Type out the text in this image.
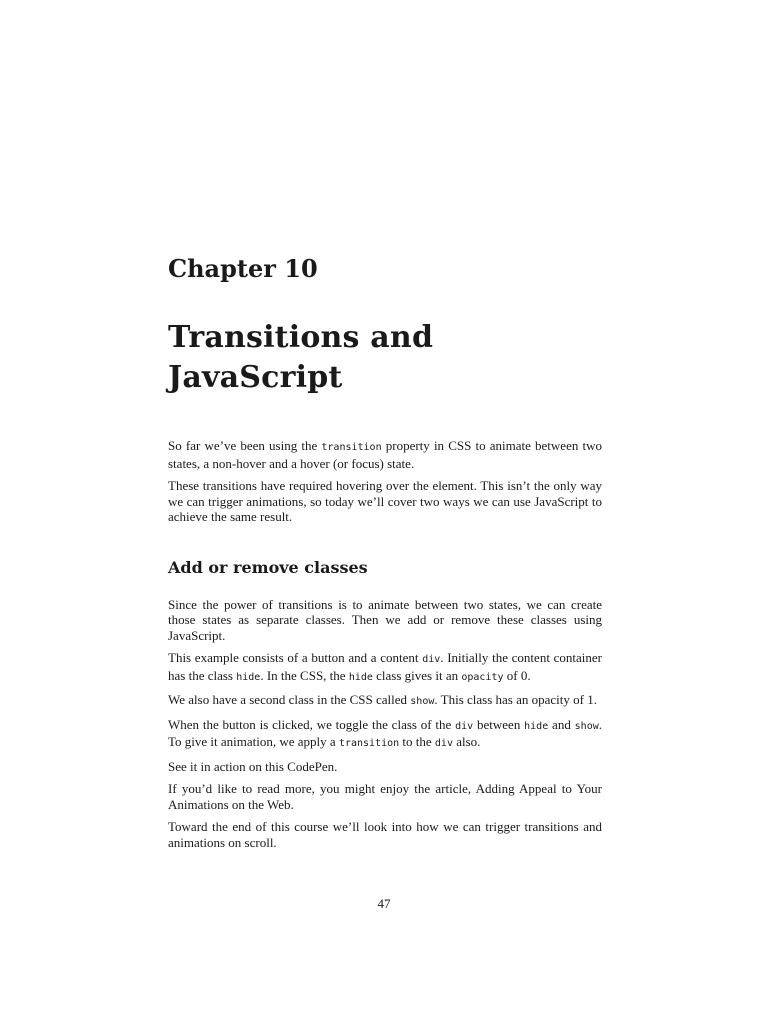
Chapter 10
Transitions and JavaScript

So far we’ve been using the transition property in CSS to animate between two states, a non-hover and a hover (or focus) state.

These transitions have required hovering over the element. This isn’t the only way we can trigger animations, so today we’ll cover two ways we can use JavaScript to achieve the same result.

Add or remove classes

Since the power of transitions is to animate between two states, we can create those states as separate classes. Then we add or remove these classes using JavaScript.

This example consists of a button and a content div. Initially the content container has the class hide. In the CSS, the hide class gives it an opacity of 0.

We also have a second class in the CSS called show. This class has an opacity of 1.

When the button is clicked, we toggle the class of the div between hide and show. To give it animation, we apply a transition to the div also.

See it in action on this CodePen.

If you’d like to read more, you might enjoy the article, Adding Appeal to Your Animations on the Web.

Toward the end of this course we’ll look into how we can trigger transitions and animations on scroll.

47
